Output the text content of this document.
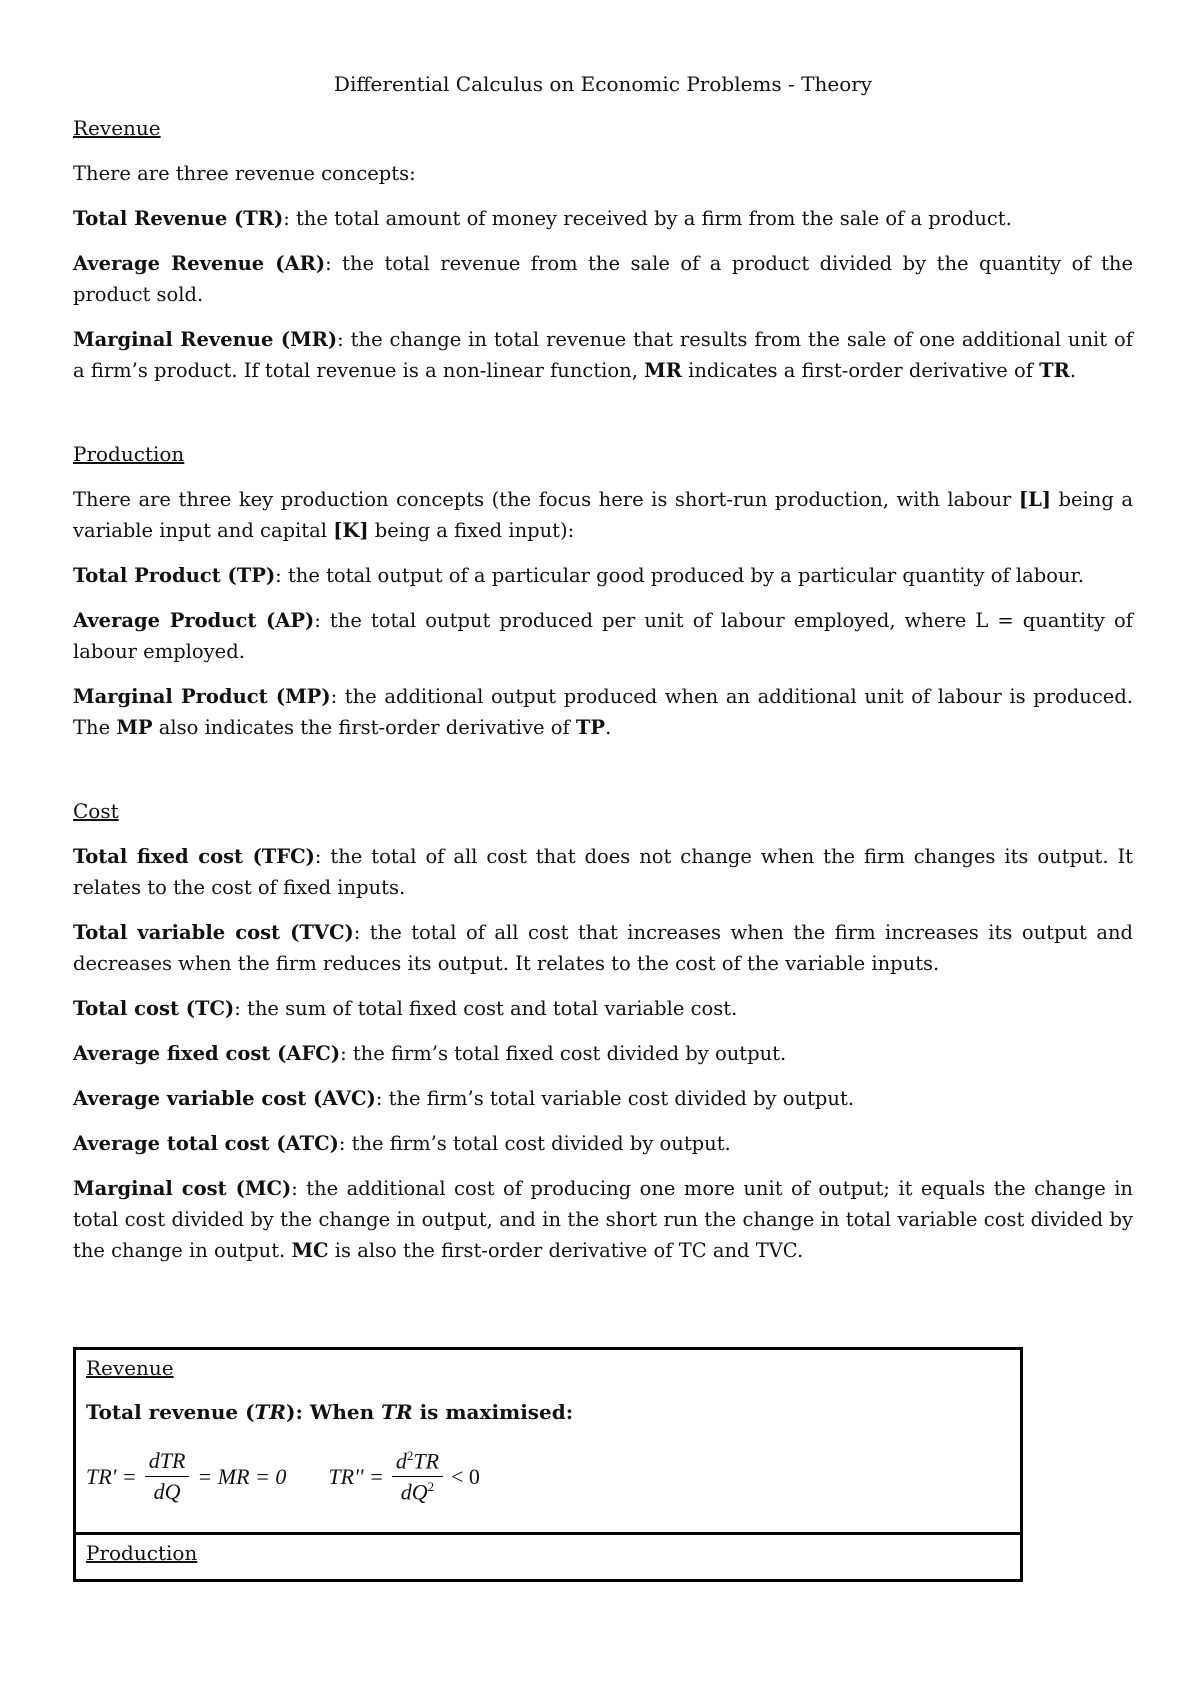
Differential Calculus on Economic Problems - Theory
Revenue

There are three revenue concepts:

Total Revenue (TR): the total amount of money received by a firm from the sale of a product.

Average Revenue (AR): the total revenue from the sale of a product divided by the quantity of the product sold.

Marginal Revenue (MR): the change in total revenue that results from the sale of one additional unit of a firm’s product. If total revenue is a non-linear function, MR indicates a first-order derivative of TR.

Production

There are three key production concepts (the focus here is short-run production, with labour [L] being a variable input and capital [K] being a fixed input):

Total Product (TP): the total output of a particular good produced by a particular quantity of labour.

Average Product (AP): the total output produced per unit of labour employed, where L = quantity of labour employed.

Marginal Product (MP): the additional output produced when an additional unit of labour is produced. The MP also indicates the first-order derivative of TP.

Cost

Total fixed cost (TFC): the total of all cost that does not change when the firm changes its output. It relates to the cost of fixed inputs.

Total variable cost (TVC): the total of all cost that increases when the firm increases its output and decreases when the firm reduces its output. It relates to the cost of the variable inputs.

Total cost (TC): the sum of total fixed cost and total variable cost.

Average fixed cost (AFC): the firm’s total fixed cost divided by output.

Average variable cost (AVC): the firm’s total variable cost divided by output.

Average total cost (ATC): the firm’s total cost divided by output.

Marginal cost (MC): the additional cost of producing one more unit of output; it equals the change in total cost divided by the change in output, and in the short run the change in total variable cost divided by the change in output. MC is also the first-order derivative of TC and TVC.

Revenue
Total revenue (TR): When TR is maximised:
$TR' = \frac{\text{dTR}}{dQ}$ = MR = 0 $TR'' = \frac{d^2TR}{dQ^2} < 0$
Production
